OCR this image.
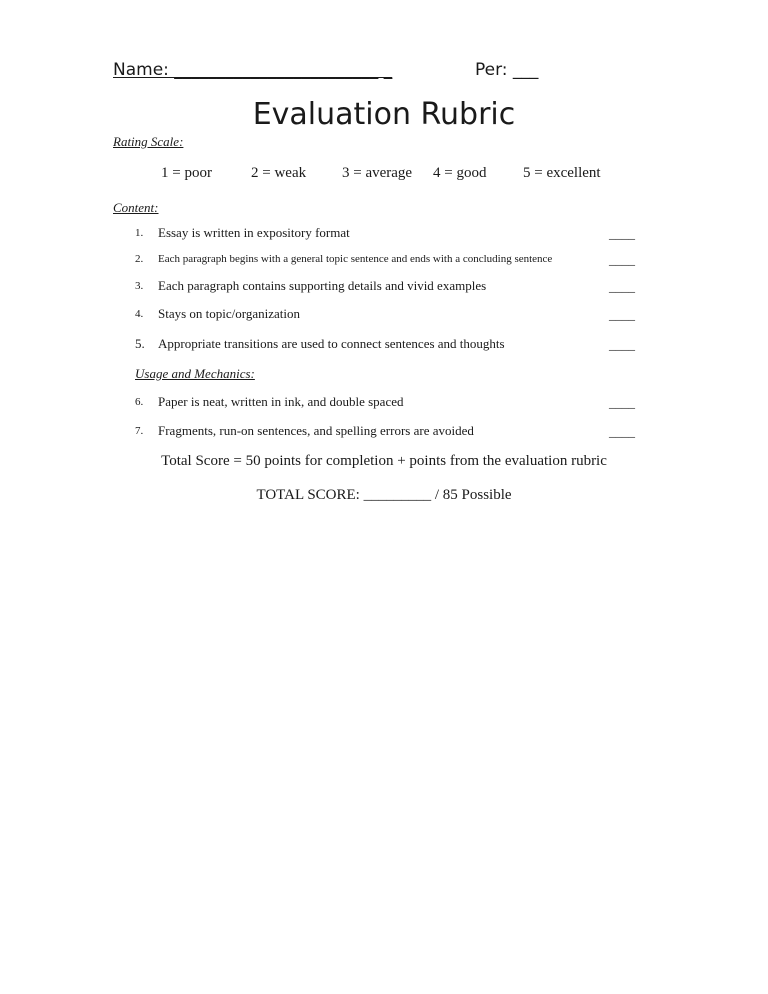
Name: ________________________ _	Per: ___
Evaluation Rubric
Rating Scale:
1 = poor	2 = weak 3 = average 4 = good 5 = excellent
Content:
1. Essay is written in expository format	____
2. Each paragraph begins with a general topic sentence and ends with a concluding sentence	____
3. Each paragraph contains supporting details and vivid examples	____
4. Stays on topic/organization	____
5. Appropriate transitions are used to connect sentences and thoughts	____
Usage and Mechanics:
6. Paper is neat, written in ink, and double spaced	____
7. Fragments, run-on sentences, and spelling errors are avoided	____
Total Score = 50 points for completion + points from the evaluation rubric
TOTAL SCORE: _________ / 85 Possible
